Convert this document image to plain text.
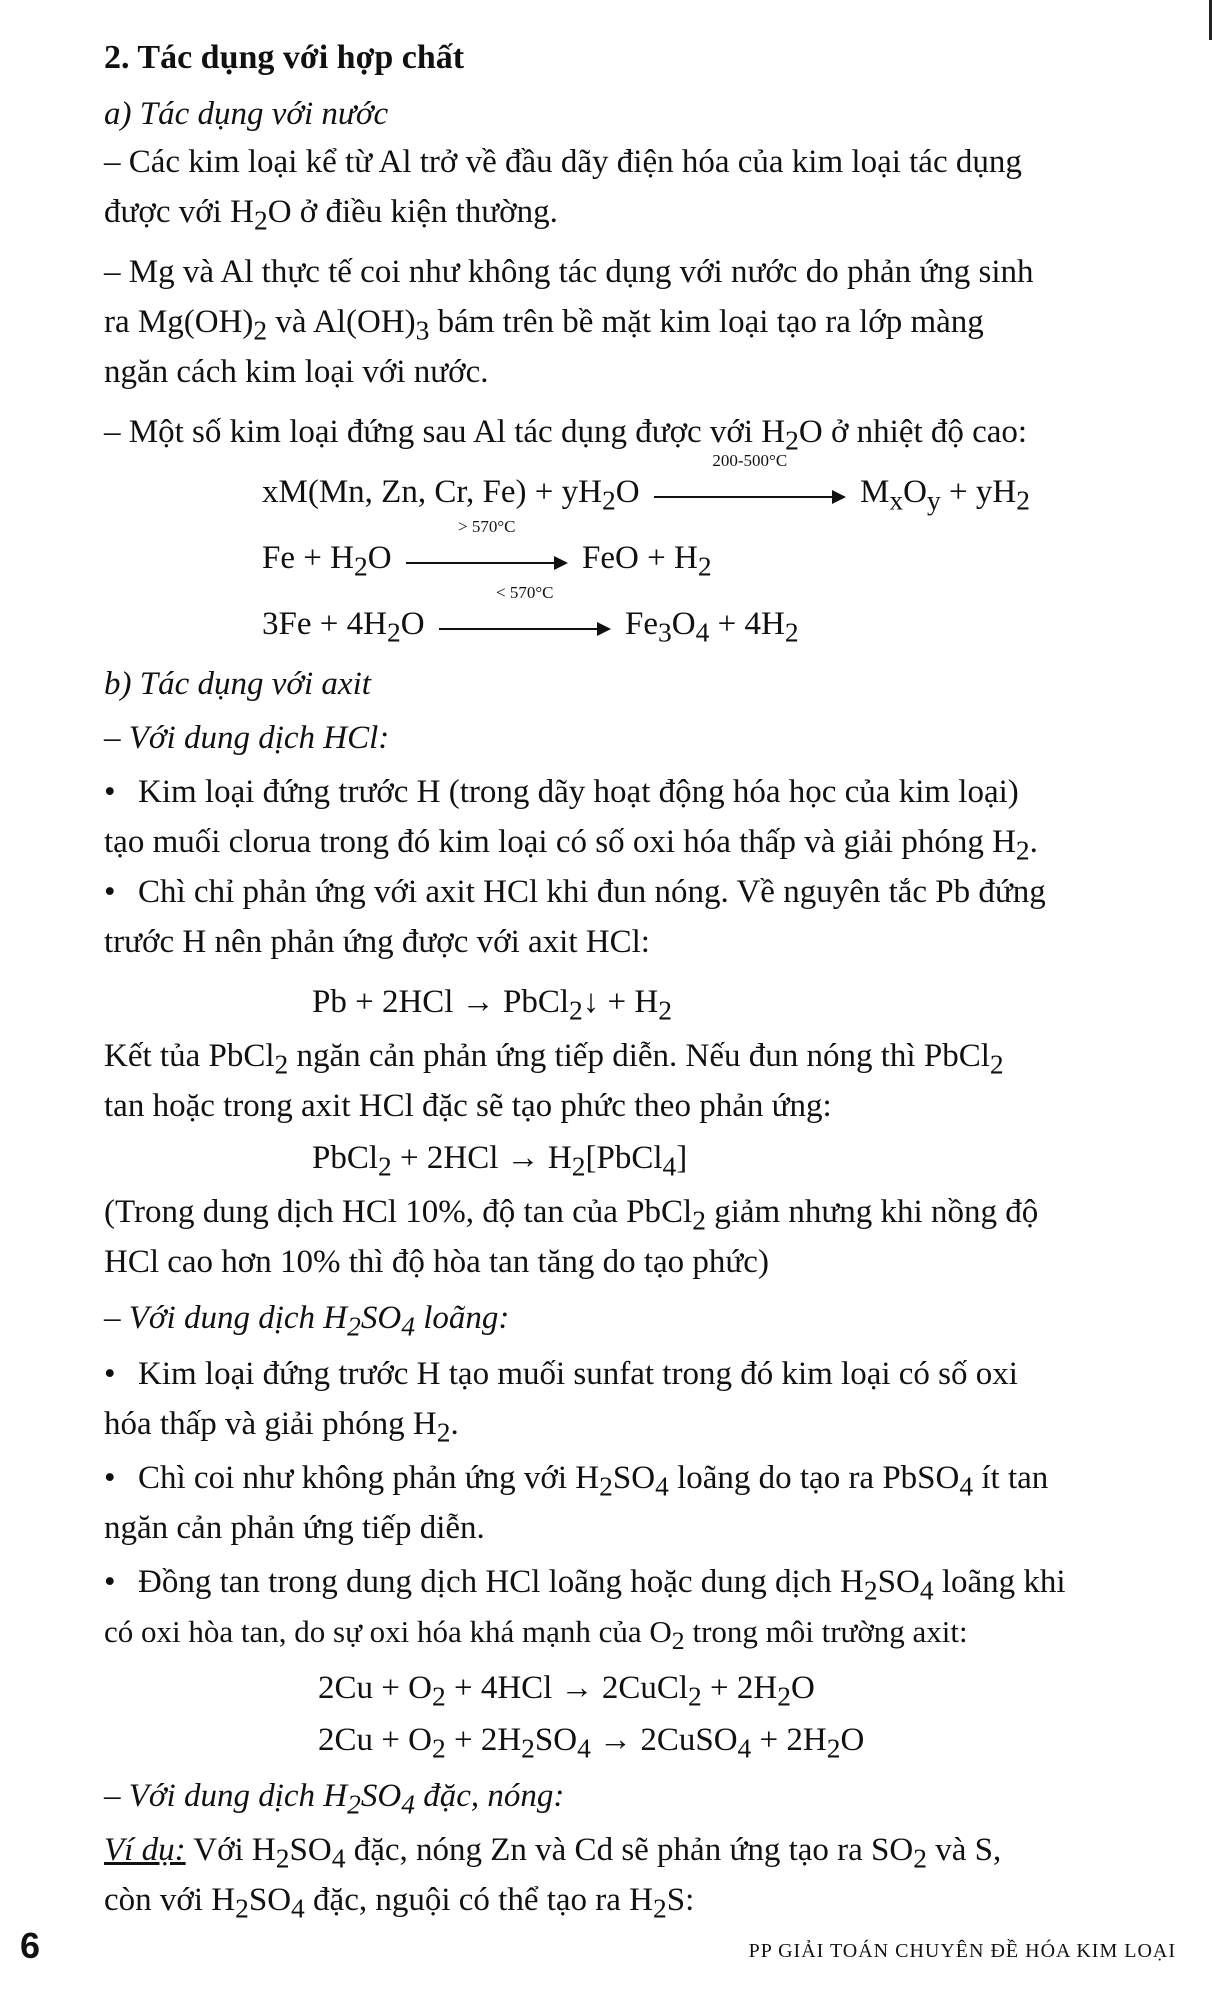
2. Tác dụng với hợp chất
a) Tác dụng với nước
– Các kim loại kể từ Al trở về đầu dãy điện hóa của kim loại tác dụng
được với $H_2O$ ở điều kiện thường.
– Mg và Al thực tế coi như không tác dụng với nước do phản ứng sinh
ra $Mg(OH)_2$ và $Al(OH)_3$ bám trên bề mặt kim loại tạo ra lớp màng
ngăn cách kim loại với nước.
– Một số kim loại đứng sau Al tác dụng được với $H_2O$ ở nhiệt độ cao:
xM(Mn, Zn, Cr, $Fe) + yH_2O$
200-500°C
$M_xO_y + yH_2$
$Fe + H_2O$
> 570°C
FeO + $H_2$
$3Fe + 4H_2O$
< 570°C
$Fe_3O_4 + 4H_2$
b) Tác dụng với axit
– Với dung dịch HCl:
• Kim loại đứng trước H (trong dãy hoạt động hóa học của kim loại)
tạo muối clorua trong đó kim loại có số oxi hóa thấp và giải phóng $H_2$.
• Chì chỉ phản ứng với axit HCl khi đun nóng. Về nguyên tắc Pb đứng
trước H nên phản ứng được với axit HCl:
Pb + 2HCl → PbCl$_2$↓ + $H_2$
Kết tủa PbCl$_2$ ngăn cản phản ứng tiếp diễn. Nếu đun nóng thì PbCl$_2$
tan hoặc trong axit HCl đặc sẽ tạo phức theo phản ứng:
PbCl$_2$ + $2HCl \to H_2[PbCl_4]$
(Trong dung dịch HCl 10%, độ tan của PbCl$_2$ giảm nhưng khi nồng độ
HCl cao hơn 10% thì độ hòa tan tăng do tạo phức)
– Với dung dịch $H_2SO_4$ loãng:
• Kim loại đứng trước H tạo muối sunfat trong đó kim loại có số oxi
hóa thấp và giải phóng $H_2$.
• Chì coi như không phản ứng với $H_2SO_4$ loãng do tạo ra PbSO$_4$ ít tan
ngăn cản phản ứng tiếp diễn.
• Đồng tan trong dung dịch HCl loãng hoặc dung dịch $H_2SO_4$ loãng khi
có oxi hòa tan, do sự oxi hóa khá mạnh của $O_2$ trong môi trường axit:
$2Cu + O_2 + 4HCl$ → 2CuCl$_2$ + $2H_2O$
$2Cu + O_2 + 2H_2SO_4$ → 2CuSO$_4$ + $2H_2O$
– Với dung dịch $H_2SO_4$ đặc, nóng:
Ví dụ: Với $H_2SO_4$ đặc, nóng Zn và Cd sẽ phản ứng tạo ra $SO_2$ và S,
còn với $H_2SO_4$ đặc, nguội có thể tạo ra $H_2S$:
6	PP GIẢI TOÁN CHUYÊN ĐỀ HÓA KIM LOẠI
